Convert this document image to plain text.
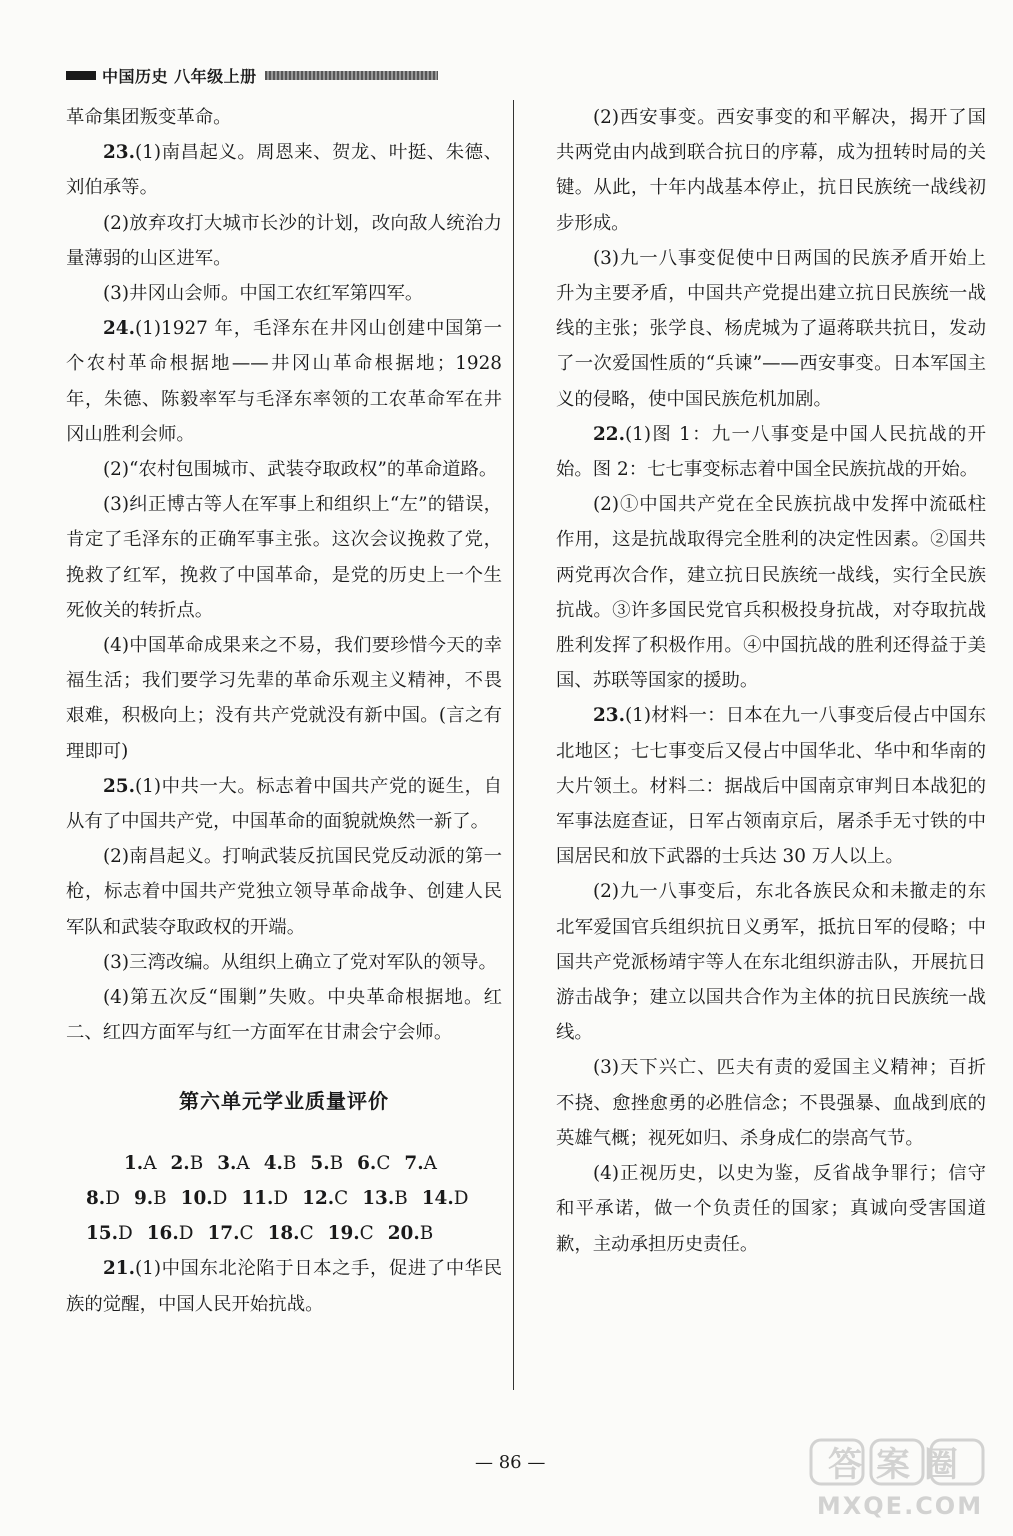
中国历史 八年级上册

革命集团叛变革命。

23.(1)南昌起义。周恩来、贺龙、叶挺、朱德、刘伯承等。

(2)放弃攻打大城市长沙的计划，改向敌人统治力量薄弱的山区进军。

(3)井冈山会师。中国工农红军第四军。

24.(1)1927 年，毛泽东在井冈山创建中国第一个农村革命根据地——井冈山革命根据地；1928 年，朱德、陈毅率军与毛泽东率领的工农革命军在井冈山胜利会师。

(2)“农村包围城市、武装夺取政权”的革命道路。

(3)纠正博古等人在军事上和组织上“左”的错误，肯定了毛泽东的正确军事主张。这次会议挽救了党，挽救了红军，挽救了中国革命，是党的历史上一个生死攸关的转折点。

(4)中国革命成果来之不易，我们要珍惜今天的幸福生活；我们要学习先辈的革命乐观主义精神，不畏艰难，积极向上；没有共产党就没有新中国。(言之有理即可)

25.(1)中共一大。标志着中国共产党的诞生，自从有了中国共产党，中国革命的面貌就焕然一新了。

(2)南昌起义。打响武装反抗国民党反动派的第一枪，标志着中国共产党独立领导革命战争、创建人民军队和武装夺取政权的开端。

(3)三湾改编。从组织上确立了党对军队的领导。

(4)第五次反“围剿”失败。中央革命根据地。红二、红四方面军与红一方面军在甘肃会宁会师。

第六单元学业质量评价
1.A 2.B 3.A 4.B 5.B 6.C 7.A
8.D 9.B 10.D 11.D 12.C 13.B 14.D
15.D 16.D 17.C 18.C 19.C 20.B

21.(1)中国东北沦陷于日本之手，促进了中华民族的觉醒，中国人民开始抗战。

(2)西安事变。西安事变的和平解决，揭开了国共两党由内战到联合抗日的序幕，成为扭转时局的关键。从此，十年内战基本停止，抗日民族统一战线初步形成。

(3)九一八事变促使中日两国的民族矛盾开始上升为主要矛盾，中国共产党提出建立抗日民族统一战线的主张；张学良、杨虎城为了逼蒋联共抗日，发动了一次爱国性质的“兵谏”——西安事变。日本军国主义的侵略，使中国民族危机加剧。

22.(1)图 1：九一八事变是中国人民抗战的开始。图 2：七七事变标志着中国全民族抗战的开始。

(2)①中国共产党在全民族抗战中发挥中流砥柱作用，这是抗战取得完全胜利的决定性因素。②国共两党再次合作，建立抗日民族统一战线，实行全民族抗战。③许多国民党官兵积极投身抗战，对夺取抗战胜利发挥了积极作用。④中国抗战的胜利还得益于美国、苏联等国家的援助。

23.(1)材料一：日本在九一八事变后侵占中国东北地区；七七事变后又侵占中国华北、华中和华南的大片领土。材料二：据战后中国南京审判日本战犯的军事法庭查证，日军占领南京后，屠杀手无寸铁的中国居民和放下武器的士兵达 30 万人以上。

(2)九一八事变后，东北各族民众和未撤走的东北军爱国官兵组织抗日义勇军，抵抗日军的侵略；中国共产党派杨靖宇等人在东北组织游击队，开展抗日游击战争；建立以国共合作为主体的抗日民族统一战线。

(3)天下兴亡、匹夫有责的爱国主义精神；百折不挠、愈挫愈勇的必胜信念；不畏强暴、血战到底的英雄气概；视死如归、杀身成仁的崇高气节。

(4)正视历史，以史为鉴，反省战争罪行；信守和平承诺，做一个负责任的国家；真诚向受害国道歉，主动承担历史责任。

— 86 —	答案圈
MXQE.COM
